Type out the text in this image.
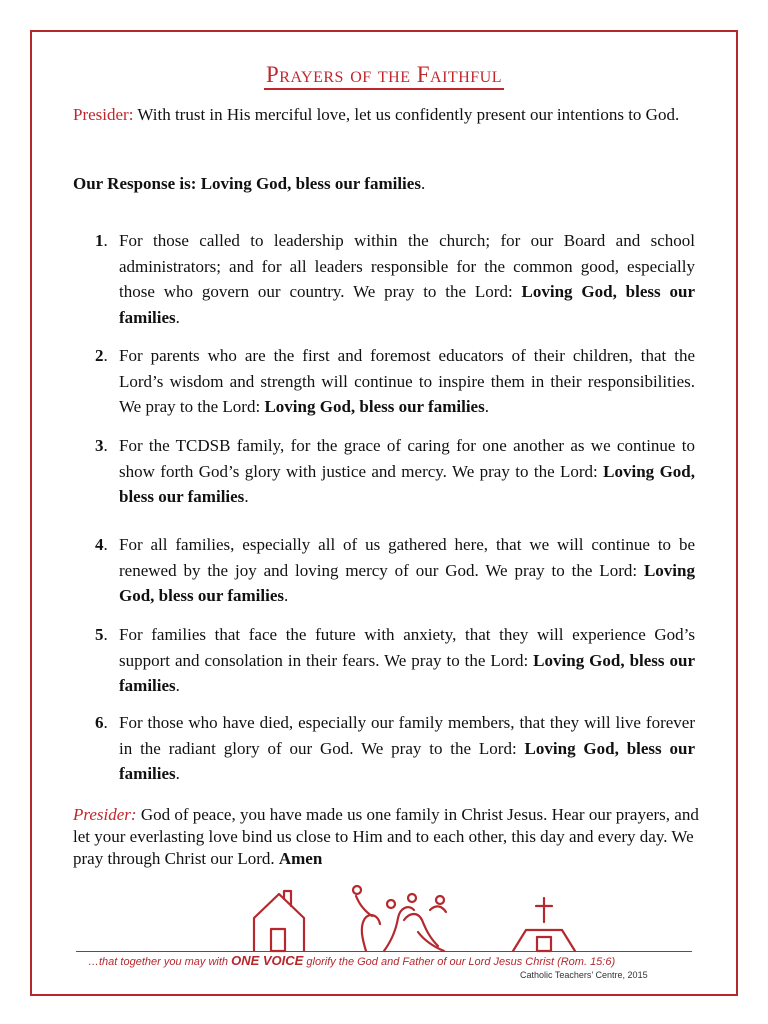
Prayers of the Faithful
Presider: With trust in His merciful love, let us confidently present our intentions to God.
Our Response is: Loving God, bless our families.
1. For those called to leadership within the church; for our Board and school administrators; and for all leaders responsible for the common good, especially those who govern our country. We pray to the Lord: Loving God, bless our families.
2. For parents who are the first and foremost educators of their children, that the Lord’s wisdom and strength will continue to inspire them in their responsibilities. We pray to the Lord: Loving God, bless our families.
3. For the TCDSB family, for the grace of caring for one another as we continue to show forth God’s glory with justice and mercy. We pray to the Lord: Loving God, bless our families.
4. For all families, especially all of us gathered here, that we will continue to be renewed by the joy and loving mercy of our God. We pray to the Lord: Loving God, bless our families.
5. For families that face the future with anxiety, that they will experience God’s support and consolation in their fears. We pray to the Lord: Loving God, bless our families.
6. For those who have died, especially our family members, that they will live forever in the radiant glory of our God. We pray to the Lord: Loving God, bless our families.
Presider: God of peace, you have made us one family in Christ Jesus. Hear our prayers, and let your everlasting love bind us close to Him and to each other, this day and every day. We pray through Christ our Lord. Amen
…that together you may with ONE VOICE glorify the God and Father of our Lord Jesus Christ (Rom. 15:6)
Catholic Teachers’ Centre, 2015
